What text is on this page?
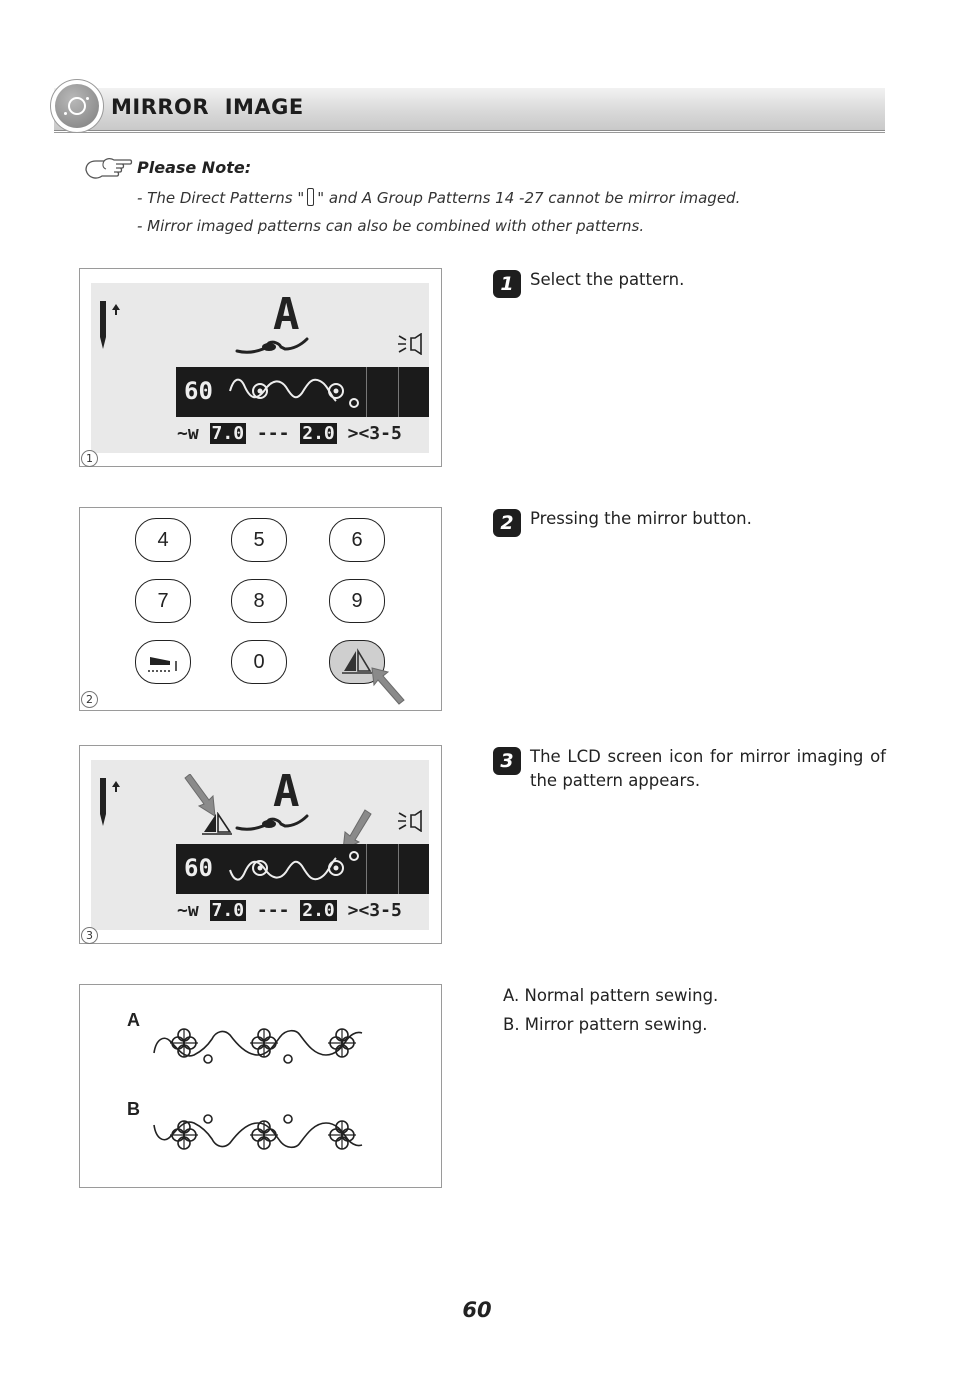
MIRROR  IMAGE
Please Note:
- The Direct Patterns " " and A Group Patterns 14 -27 cannot be mirror imaged.
- Mirror imaged patterns can also be combined with other patterns.
A
60
~w 7.0 --- 2.0 ><3-5
1
4	5	6
7	8	9
0
2
A
60
~w 7.0 --- 2.0 ><3-5
3
A
B
1 Select the pattern.
2 Pressing the mirror button.
3 The LCD screen icon for mirror imaging of the pattern appears.
A. Normal pattern sewing.
B. Mirror pattern sewing.
60
